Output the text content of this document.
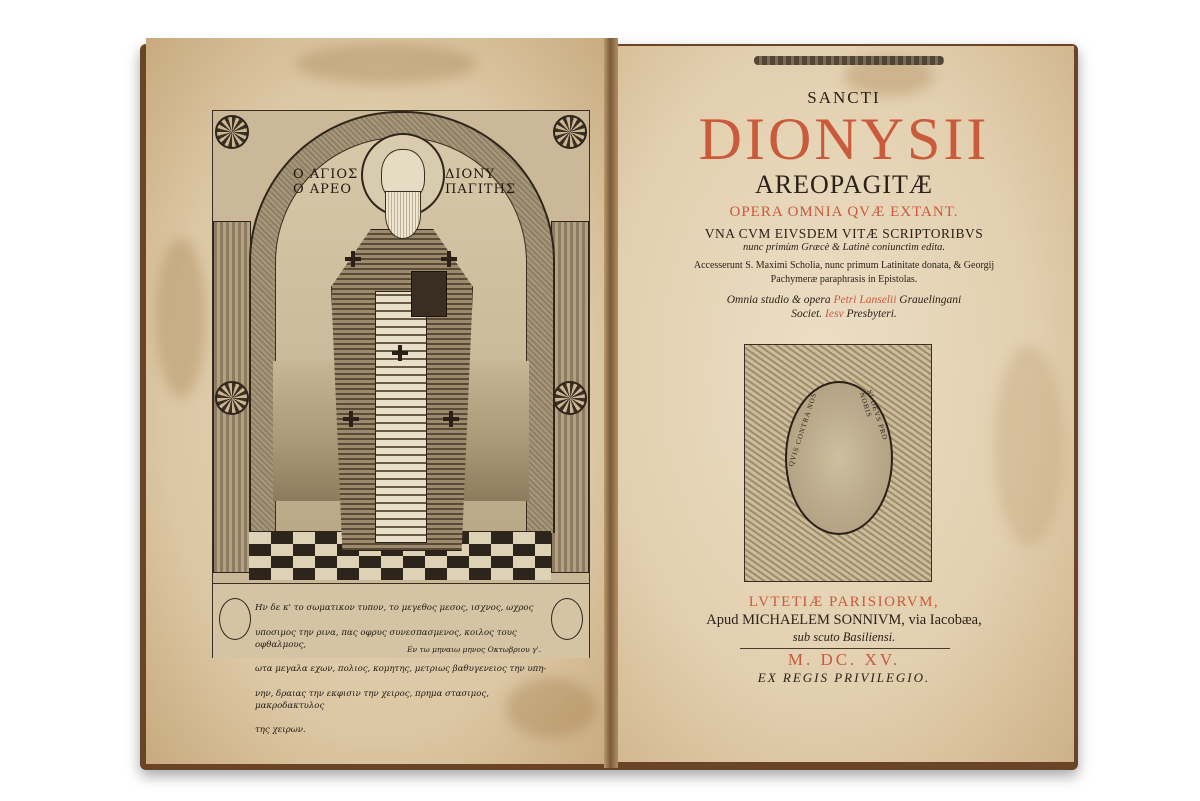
Ο ΑΓΙΟΣ
Ο ΑΡΕΟ
ΔΙΟΝΥ
ΠΑΓΙΤΗΣ

Ην δε κ' το σωματικον τυπον, το μεγεθος μεσος, ισχνος, ωχρος

υποσιμος την ρινα, πας οφρυς συνεσπασμενος, κοιλος τους οφθαλμους,

ωτα μεγαλα εχων, πολιος, κομητης, μετριως βαθυγενειος την υπη-

νην, δραιας την εκφισιν την χειρος, πρημα στασιμος, μακροδακτυλος

της χειρων.

Εν τω μηναιω μηνος Οκτωβριου γ'.
SANCTI
DIONYSII
AREOPAGITÆ
OPERA OMNIA QVÆ EXTANT.
VNA CVM EIVSDEM VITÆ SCRIPTORIBVS
nunc primùm Græcè & Latinè coniunctìm edita.
Accesserunt S. Maximi Scholia, nunc primum Latinitate donata, & Georgij
Pachymeræ paraphrasis in Epistolas.
Omnia studio & opera Petri Lanselii Grauelingani
Societ. Iesv Presbyteri.
QVIS CONTRA NOS	SI DEVS PRO NOBIS
LVTETIÆ PARISIORVM,
Apud MICHAELEM SONNIVM, via Iacobæa,
sub scuto Basiliensi.
M. DC. XV.
EX REGIS PRIVILEGIO.
